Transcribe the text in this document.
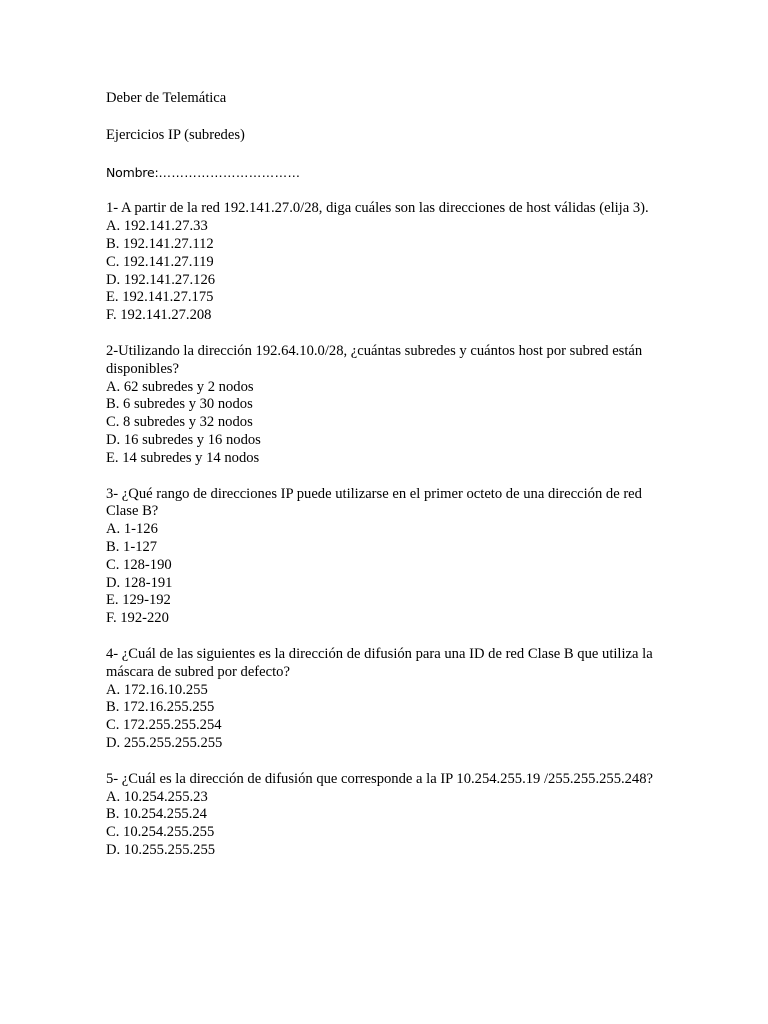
Deber de Telemática
Ejercicios IP (subredes)
Nombre:……………………………
1- A partir de la red 192.141.27.0/28, diga cuáles son las direcciones de host válidas (elija 3).
A. 192.141.27.33
B. 192.141.27.112
C. 192.141.27.119
D. 192.141.27.126
E. 192.141.27.175
F. 192.141.27.208
2-Utilizando la dirección 192.64.10.0/28, ¿cuántas subredes y cuántos host por subred están disponibles?
A. 62 subredes y 2 nodos
B. 6 subredes y 30 nodos
C. 8 subredes y 32 nodos
D. 16 subredes y 16 nodos
E. 14 subredes y 14 nodos
3- ¿Qué rango de direcciones IP puede utilizarse en el primer octeto de una dirección de red Clase B?
A. 1-126
B. 1-127
C. 128-190
D. 128-191
E. 129-192
F. 192-220
4- ¿Cuál de las siguientes es la dirección de difusión para una ID de red Clase B que utiliza la máscara de subred por defecto?
A. 172.16.10.255
B. 172.16.255.255
C. 172.255.255.254
D. 255.255.255.255
5- ¿Cuál es la dirección de difusión que corresponde a la IP 10.254.255.19 /255.255.255.248?
A. 10.254.255.23
B. 10.254.255.24
C. 10.254.255.255
D. 10.255.255.255
